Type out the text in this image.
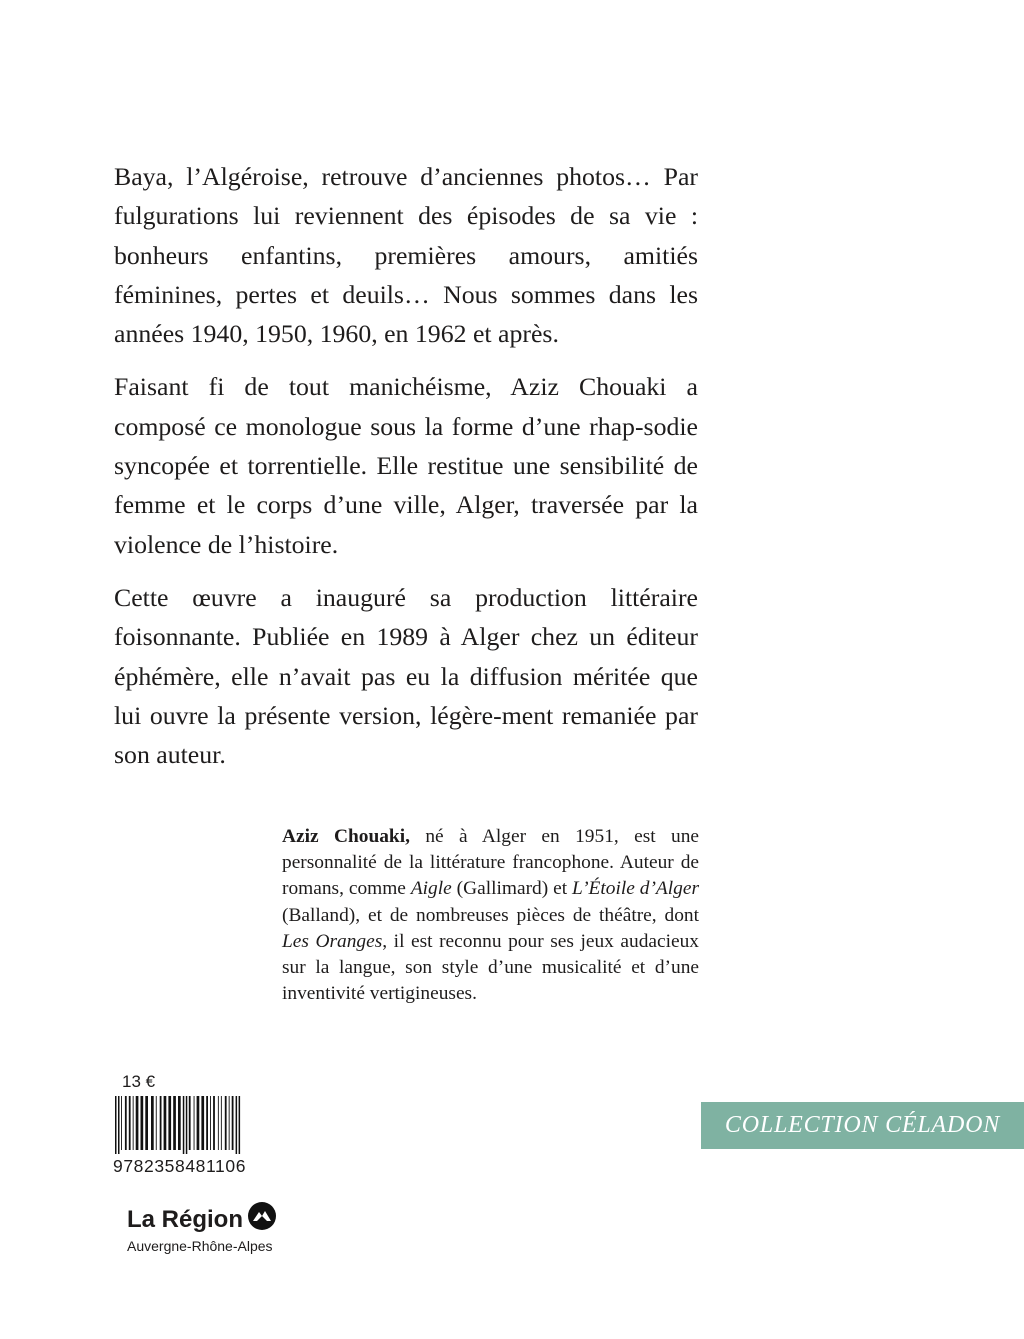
Baya, l’Algéroise, retrouve d’anciennes photos… Par fulgurations lui reviennent des épisodes de sa vie : bonheurs enfantins, premières amours, amitiés féminines, pertes et deuils… Nous sommes dans les années 1940, 1950, 1960, en 1962 et après.

Faisant fi de tout manichéisme, Aziz Chouaki a composé ce monologue sous la forme d’une rhap-sodie syncopée et torrentielle. Elle restitue une sensibilité de femme et le corps d’une ville, Alger, traversée par la violence de l’histoire.

Cette œuvre a inauguré sa production littéraire foisonnante. Publiée en 1989 à Alger chez un éditeur éphémère, elle n’avait pas eu la diffusion méritée que lui ouvre la présente version, légère-ment remaniée par son auteur.

Aziz Chouaki, né à Alger en 1951, est une personnalité de la littérature francophone. Auteur de romans, comme Aigle (Gallimard) et L’Étoile d’Alger (Balland), et de nombreuses pièces de théâtre, dont Les Oranges, il est reconnu pour ses jeux audacieux sur la langue, son style d’une musicalité et d’une inventivité vertigineuses.
13 €
9782358481106
La Région
Auvergne-Rhône-Alpes
COLLECTION CÉLADON
